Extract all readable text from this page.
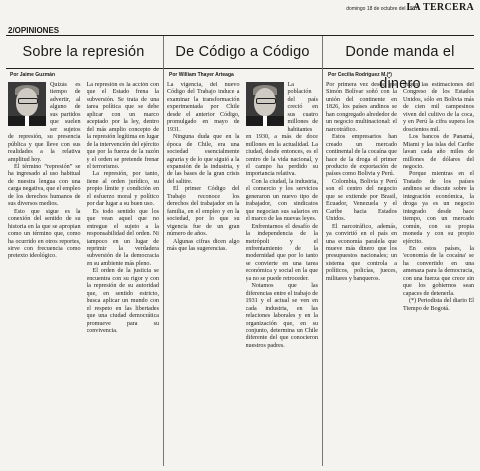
LA TERCERA
domingo 18 de octubre del 1987
2/OPINIONES
Sobre la represión
Por Jaime Guzmán

Quizás es tiempo de advertir, al alguno de sus partidos que suelen ser sujetos de represión, su presencia pública y que lleve con sus realidades a la relativa amplitud hoy.

El término “represión” se ha ingresado al uso habitual de nuestra lengua con una carga negativa, que el empleo de los derechos humanos de sus diversos medios.

Esto que sigue es la conexión del sentido de su historia en la que se apropian como un término que, como ha ocurrido en otros reportes, sirve con frecuencia como pretexto ideológico.

La represión es la acción con que el Estado frena la subversión. Se trata de una tarea política que se debe aplicar con un marco aceptado por la ley, dentro del más amplio concepto de la represión legítima en lugar de la intervención del ejército que por la fuerza de la razón y el orden se pretende frenar el terrorismo.

La represión, por tanto, tiene al orden jurídico, su propio límite y condición en el esfuerzo moral y político por dar lugar a su buen uso.

Es todo sentido que los que vean aquel que no entregue el sujeto a la responsabilidad del orden. Ni tampoco en un lugar de reprimir la verdadera subversión de la democracia en su ambiente más pleno.

El orden de la justicia se encuentra con su rigor y con la represión de su autoridad que, en sentido estricto, busca aplicar un mundo con el respeto en las libertades que una ciudad democrática promueve para su convivencia.

De Código a Código
Por William Thayer Arteaga

La vigencia, del nuevo Código del Trabajo induce a examinar la transformación experimentada por Chile desde el anterior Código, promulgado en mayo de 1931.

Ninguna duda que en la época de Chile, era una sociedad esencialmente agraria y de lo que siguió a la expansión de la industria, y de las bases de la gran crisis del salitre.

El primer Código del Trabajo reconoce los derechos del trabajador en la familia, en el empleo y en la sociedad, por lo que su vigencia fue de un gran número de años.

Algunas cifras dicen algo más que las sugerencias.

La población del país creció en sus cuatro millones de habitantes en 1930, a más de doce millones en la actualidad. La ciudad, desde entonces, es el centro de la vida nacional, y el campo ha perdido su importancia relativa.

Con la ciudad, la industria, el comercio y los servicios generaron un nuevo tipo de trabajador, con sindicatos que negocian sus salarios en el marco de las nuevas leyes.

Enfrentarnos el desafío de la independencia de la metrópoli y el enfrentamiento de la modernidad que por lo tanto se convierte en una tarea económica y social en la que ya no se puede retroceder.

Notamos que las diferencias entre el trabajo de 1931 y el actual se ven en cada industria, en las relaciones laborales y en la organización que, en su conjunto, determina un Chile diferente del que conocieron nuestros padres.

Donde manda el dinero
Por Cecilia Rodríguez M.(*)

Por primera vez desde que Simón Bolívar soñó con la unión del continente en 1826, los países andinos se han congregado alrededor de un negocio multinacional: el narcotráfico.

Estos empresarios han creado un mercado continental de la cocaína que hace de la droga el primer producto de exportación de países como Bolivia y Perú.

Colombia, Bolivia y Perú son el centro del negocio que se extiende por Brasil, Ecuador, Venezuela y el Caribe hacia Estados Unidos.

El narcotráfico, además, ya convirtió en el país en una economía paralela que mueve más dinero que los presupuestos nacionales; un sistema que controla a políticos, policías, jueces, militares y banqueros.

Según las estimaciones del Congreso de los Estados Unidos, sólo en Bolivia más de cien mil campesinos viven del cultivo de la coca, y en Perú la cifra supera los doscientos mil.

Los bancos de Panamá, Miami y las islas del Caribe lavan cada año miles de millones de dólares del negocio.

Porque mientras en el Tratado de los países andinos se discute sobre la integración económica, la droga ya es un negocio integrado desde hace tiempo, con un mercado común, con su propia moneda y con su propio ejército.

En estos países, la 'economía de la cocaína' se ha convertido en una amenaza para la democracia, con una fuerza que crece sin que los gobiernos sean capaces de detenerla.

(*) Periodista del diario El Tiempo de Bogotá.
